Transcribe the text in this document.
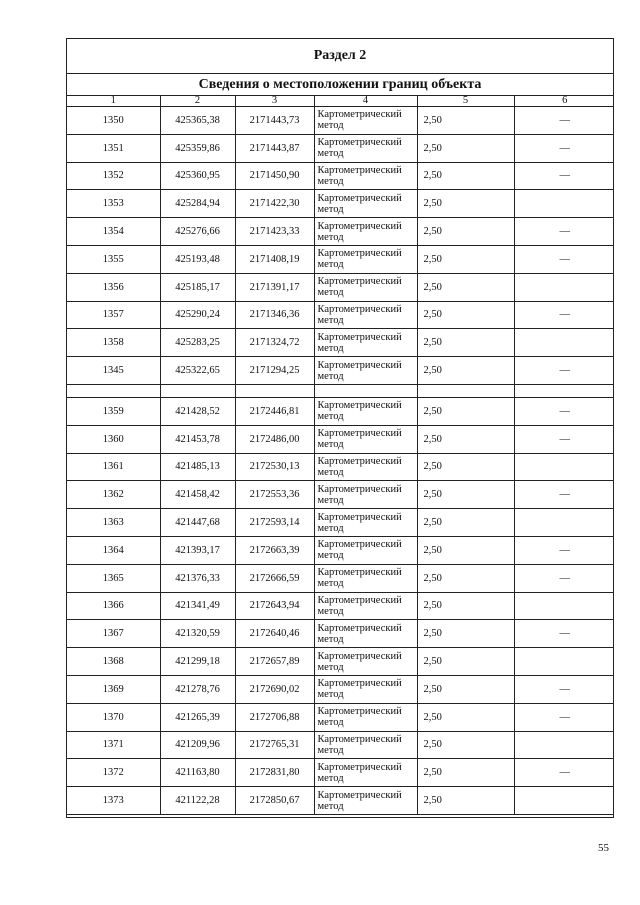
Раздел 2
Сведения о местоположении границ объекта
1	2	3	4	5	6
1350	425365,38	2171443,73	Картометрический метод	2,50	—
1351	425359,86	2171443,87	Картометрический метод	2,50	—
1352	425360,95	2171450,90	Картометрический метод	2,50	—
1353	425284,94	2171422,30	Картометрический метод	2,50	
1354	425276,66	2171423,33	Картометрический метод	2,50	—
1355	425193,48	2171408,19	Картометрический метод	2,50	—
1356	425185,17	2171391,17	Картометрический метод	2,50	
1357	425290,24	2171346,36	Картометрический метод	2,50	—
1358	425283,25	2171324,72	Картометрический метод	2,50	
1345	425322,65	2171294,25	Картометрический метод	2,50	—

1359	421428,52	2172446,81	Картометрический метод	2,50	—
1360	421453,78	2172486,00	Картометрический метод	2,50	—
1361	421485,13	2172530,13	Картометрический метод	2,50	
1362	421458,42	2172553,36	Картометрический метод	2,50	—
1363	421447,68	2172593,14	Картометрический метод	2,50	
1364	421393,17	2172663,39	Картометрический метод	2,50	—
1365	421376,33	2172666,59	Картометрический метод	2,50	—
1366	421341,49	2172643,94	Картометрический метод	2,50	
1367	421320,59	2172640,46	Картометрический метод	2,50	—
1368	421299,18	2172657,89	Картометрический метод	2,50	
1369	421278,76	2172690,02	Картометрический метод	2,50	—
1370	421265,39	2172706,88	Картометрический метод	2,50	—
1371	421209,96	2172765,31	Картометрический метод	2,50	
1372	421163,80	2172831,80	Картометрический метод	2,50	—
1373	421122,28	2172850,67	Картометрический метод	2,50	
55
